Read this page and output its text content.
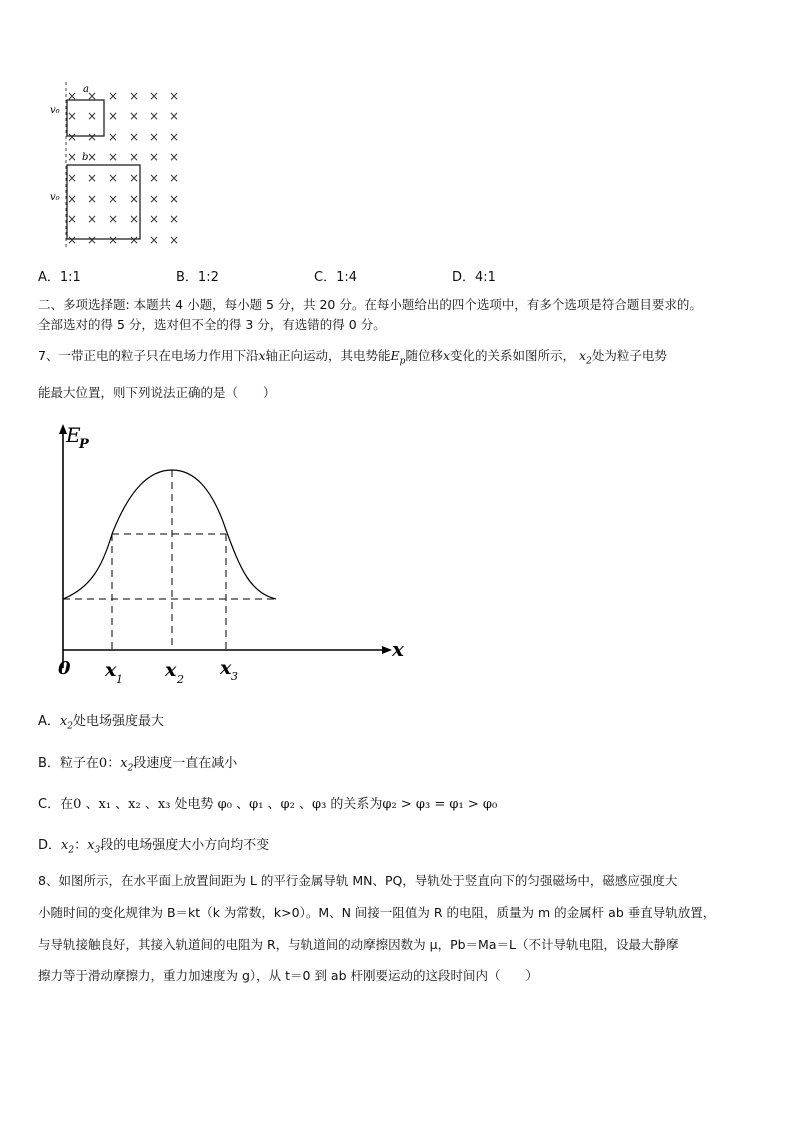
× × × × × ×
× × × × × ×
× × × × × ×
× × × × × ×
× × × × × ×
× × × × × ×
× × × × × ×
× × × × × ×
a
b
v₀
v₀
A．1:1	B．1:2	C．1:4	D．4:1
二、多项选择题: 本题共 4 小题，每小题 5 分，共 20 分。在每小题给出的四个选项中，有多个选项是符合题目要求的。
全部选对的得 5 分，选对但不全的得 3 分，有选错的得 0 分。
7、一带正电的粒子只在电场力作用下沿x轴正向运动，其电势能$E_p$随位移x变化的关系如图所示， $x_2$处为粒子电势
能最大位置，则下列说法正确的是（　　）
E
P
x
0 x 1 x 2
x 3
A．$x_2$处电场强度最大
B．粒子在0：$x_2$段速度一直在减小
C．在0 、x₁ 、x₂ 、x₃ 处电势 φ₀ 、φ₁ 、φ₂ 、φ₃ 的关系为φ₂ > φ₃ = φ₁ > φ₀
D．$x_2$：$x_3$段的电场强度大小方向均不变
8、如图所示，在水平面上放置间距为 L 的平行金属导轨 MN、PQ，导轨处于竖直向下的匀强磁场中，磁感应强度大
小随时间的变化规律为 B＝kt（k 为常数，k>0）。M、N 间接一阻值为 R 的电阻，质量为 m 的金属杆 ab 垂直导轨放置，
与导轨接触良好，其接入轨道间的电阻为 R，与轨道间的动摩擦因数为 μ，Pb＝Ma＝L（不计导轨电阻，设最大静摩
擦力等于滑动摩擦力，重力加速度为 g），从 t＝0 到 ab 杆刚要运动的这段时间内（　　）
